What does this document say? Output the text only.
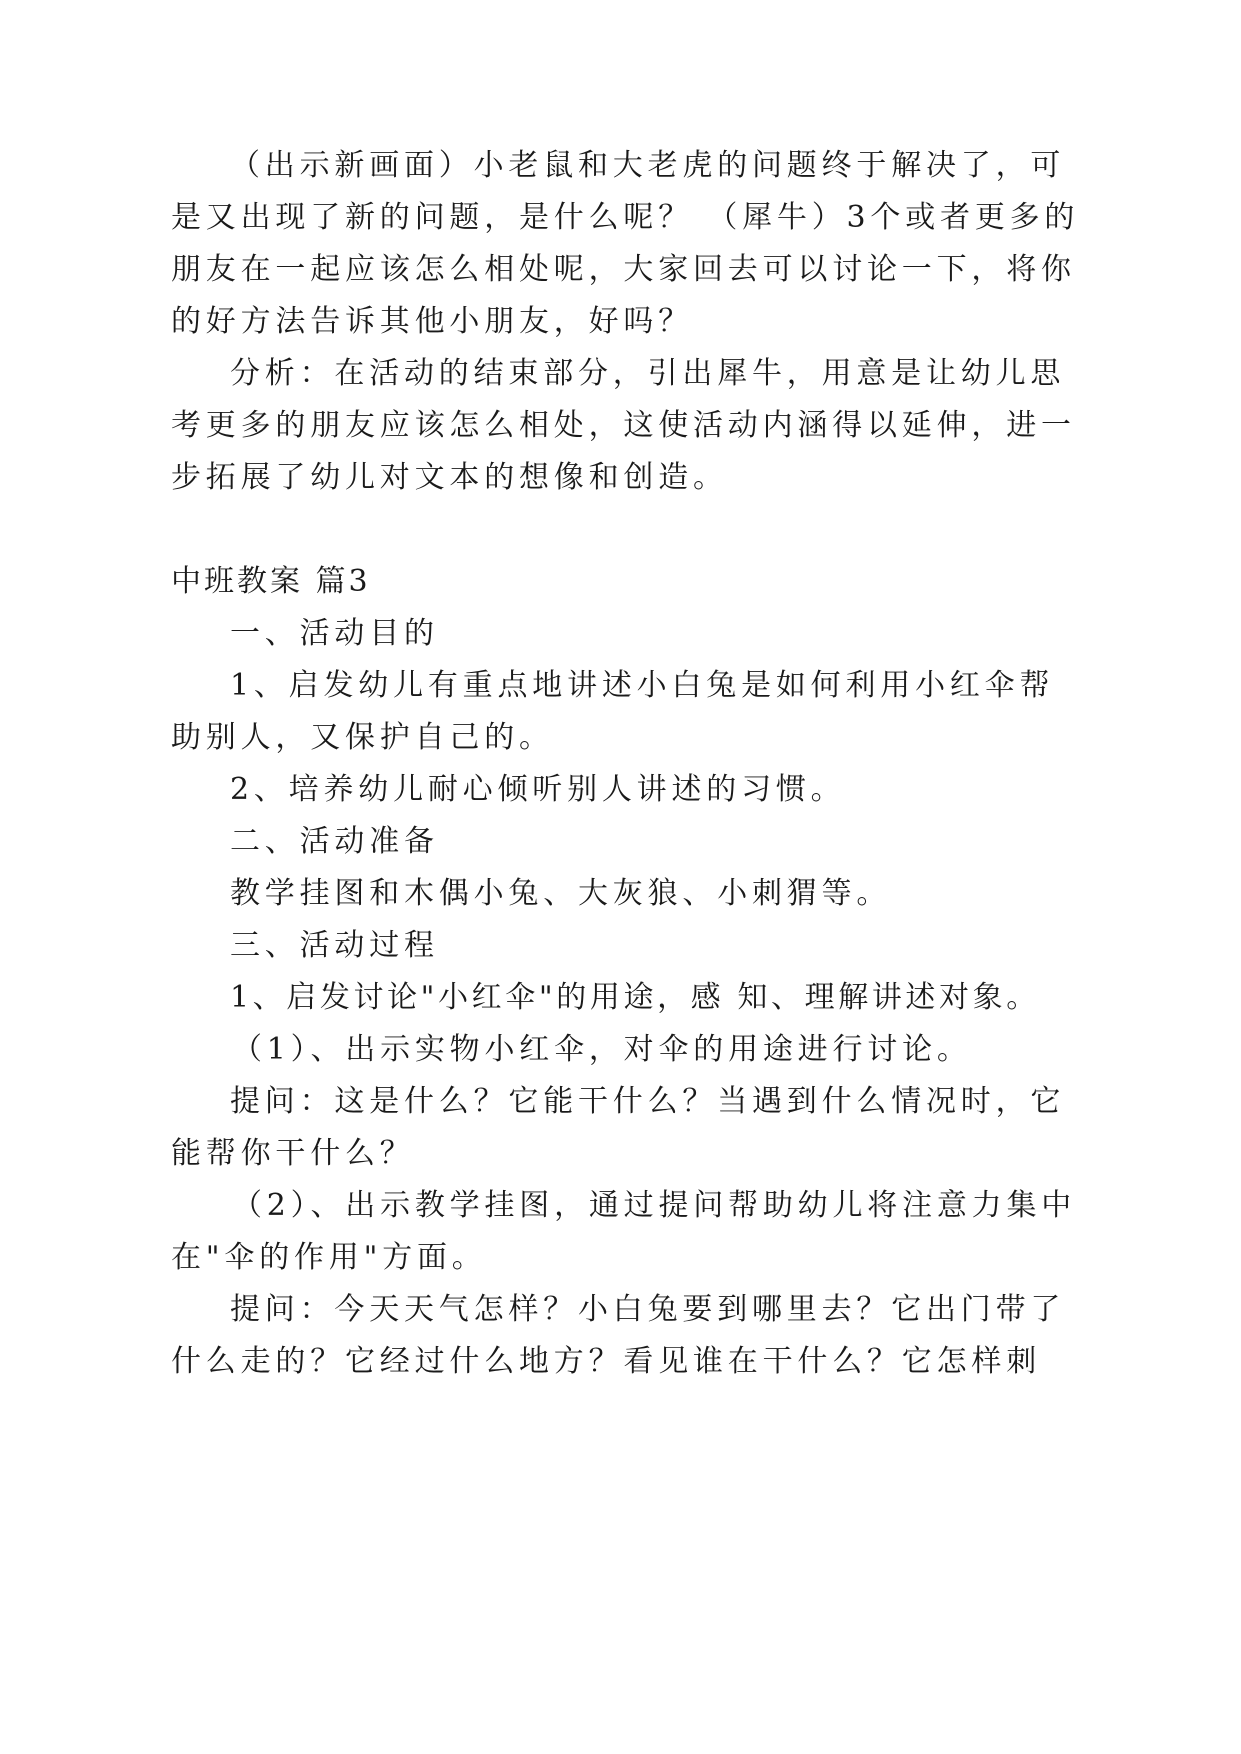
（出示新画面）小老鼠和大老虎的问题终于解决了，可
是又出现了新的问题，是什么呢？ （犀牛）3个或者更多的
朋友在一起应该怎么相处呢，大家回去可以讨论一下，将你
的好方法告诉其他小朋友，好吗？
分析：在活动的结束部分，引出犀牛，用意是让幼儿思
考更多的朋友应该怎么相处，这使活动内涵得以延伸，进一
步拓展了幼儿对文本的想像和创造。
中班教案 篇3
一、活动目的
1、启发幼儿有重点地讲述小白兔是如何利用小红伞帮
助别人，又保护自己的。
2、培养幼儿耐心倾听别人讲述的习惯。
二、活动准备
教学挂图和木偶小兔、大灰狼、小刺猬等。
三、活动过程
1、启发讨论"小红伞"的用途，感 知、理解讲述对象。
（1）、出示实物小红伞，对伞的用途进行讨论。
提问：这是什么？它能干什么？当遇到什么情况时，它
能帮你干什么？
（2）、出示教学挂图，通过提问帮助幼儿将注意力集中
在"伞的作用"方面。
提问：今天天气怎样？小白兔要到哪里去？它出门带了
什么走的？它经过什么地方？看见谁在干什么？它怎样刺
